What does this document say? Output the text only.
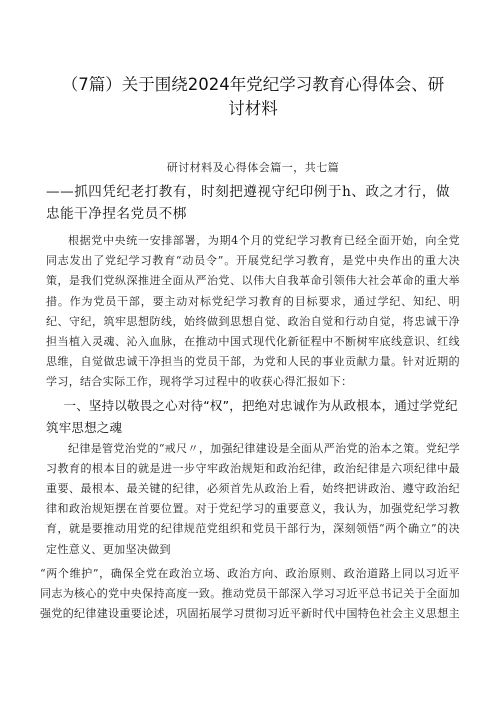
（7篇）关于围绕2024年党纪学习教育心得体会、研讨材料
研讨材料及心得体会篇一，共七篇
——抓四凭纪老打教有，时刻把遵视守纪印例于h、政之才行，做忠能干净捏名党员不梆

根据党中央统一安排部署，为期4个月的党纪学习教育已经全面开始，向全党同志发出了党纪学习教育“动员令”。开展党纪学习教育，是党中央作出的重大决策，是我们党纵深推进全面从严治党、以伟大自我革命引领伟大社会革命的重大举措。作为党员干部，要主动对标党纪学习教育的目标要求，通过学纪、知纪、明纪、守纪，筑牢思想防线，始终做到思想自觉、政治自觉和行动自觉，将忠诚干净担当植入灵魂、沁入血脉，在推动中国式现代化新征程中不断树牢底线意识、红线思维，自觉做忠诚干净担当的党员干部，为党和人民的事业贡献力量。针对近期的学习，结合实际工作，现将学习过程中的收获心得汇报如下：

一、坚持以敬畏之心对待“权”，把绝对忠诚作为从政根本，通过学党纪筑牢思想之魂

纪律是管党治党的“戒尺〃，加强纪律建设是全面从严治党的治本之策。党纪学习教育的根本目的就是进一步守牢政治规矩和政治纪律，政治纪律是六项纪律中最重要、最根本、最关键的纪律，必须首先从政治上看，始终把讲政治、遵守政治纪律和政治规矩摆在首要位置。对于党纪学习的重要意义，我认为，加强党纪学习教育，就是要推动用党的纪律规范党组织和党员干部行为，深刻领悟“两个确立”的决定性意义、更加坚决做到

“两个维护”，确保全党在政治立场、政治方向、政治原则、政治道路上同以习近平同志为核心的党中央保持高度一致。推动党员干部深入学习习近平总书记关于全面加强党的纪律建设重要论述，巩固拓展学习贯彻习近平新时代中国特色社会主义思想主
